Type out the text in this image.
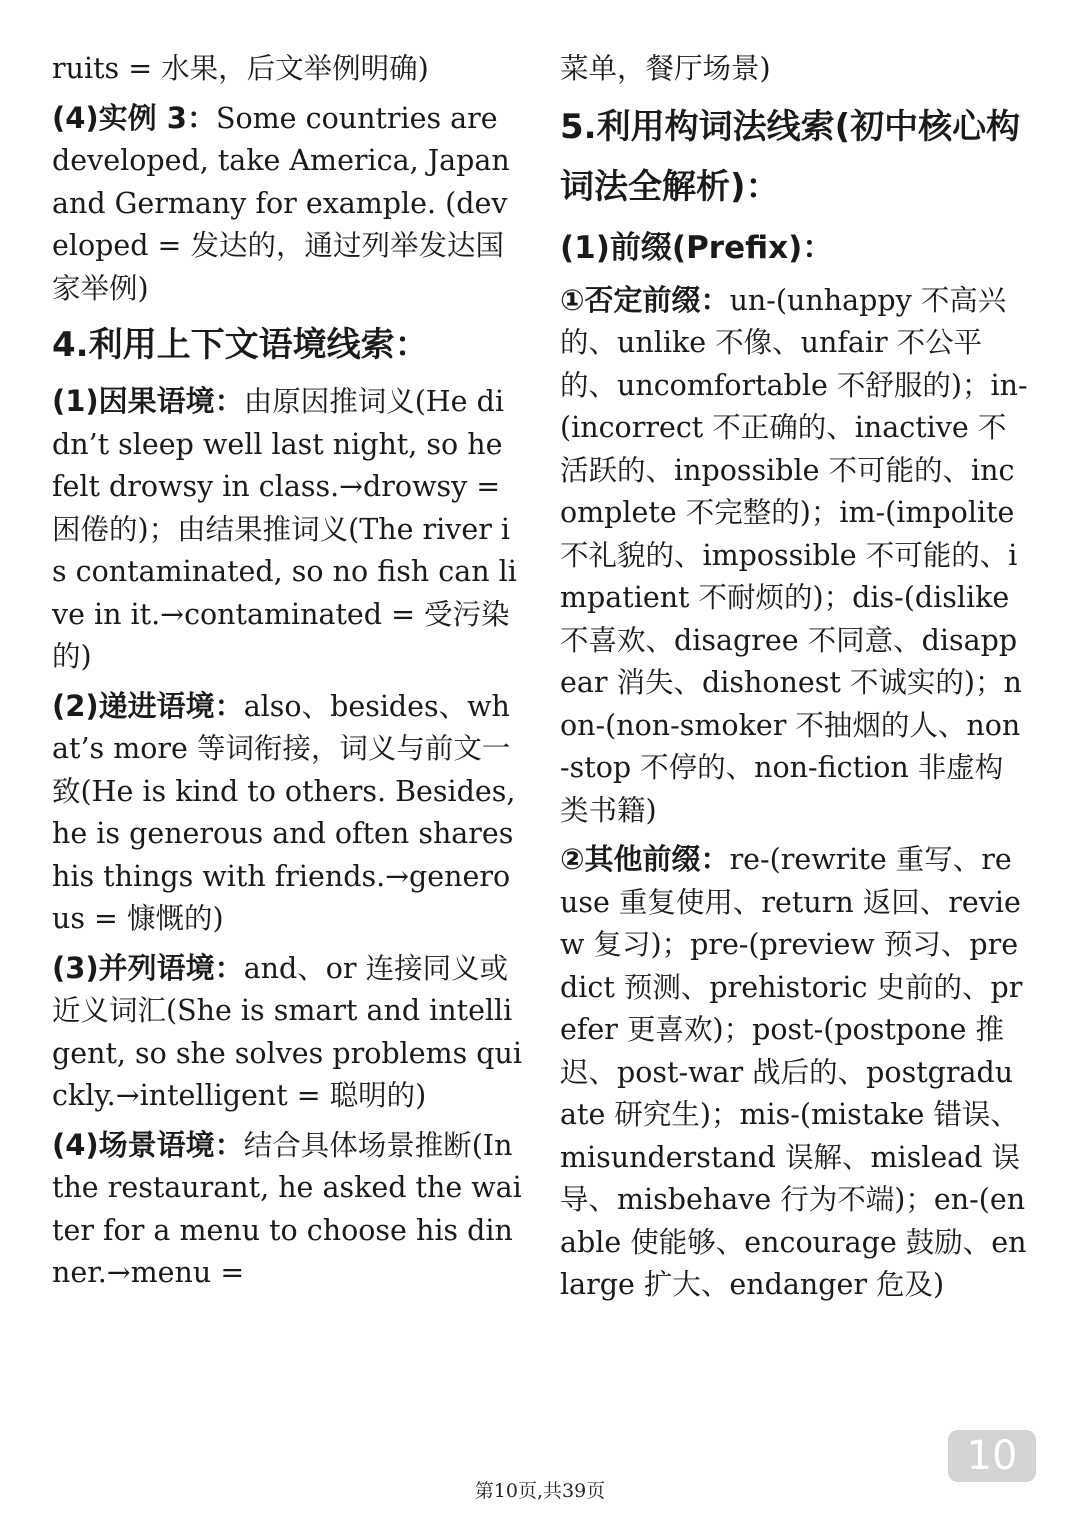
ruits = 水果，后文举例明确)

(4)实例 3：Some countries are developed, take America, Japan and Germany for example. (developed = 发达的，通过列举发达国家举例)

4.利用上下文语境线索：

(1)因果语境：由原因推词义(He didn’t sleep well last night, so he felt drowsy in class.→drowsy = 困倦的)；由结果推词义(The river is contaminated, so no fish can live in it.→contaminated = 受污染的)

(2)递进语境：also、besides、what’s more 等词衔接，词义与前文一致(He is kind to others. Besides, he is generous and often shares his things with friends.→generous = 慷慨的)

(3)并列语境：and、or 连接同义或近义词汇(She is smart and intelligent, so she solves problems quickly.→intelligent = 聪明的)

(4)场景语境：结合具体场景推断(In the restaurant, he asked the waiter for a menu to choose his dinner.→menu =

菜单，餐厅场景)

5.利用构词法线索(初中核心构词法全解析)：
(1)前缀(Prefix)：

①否定前缀：un-(unhappy 不高兴的、unlike 不像、unfair 不公平的、uncomfortable 不舒服的)；in-(incorrect 不正确的、inactive 不活跃的、inpossible 不可能的、incomplete 不完整的)；im-(impolite 不礼貌的、impossible 不可能的、impatient 不耐烦的)；dis-(dislike 不喜欢、disagree 不同意、disappear 消失、dishonest 不诚实的)；non-(non-smoker 不抽烟的人、non-stop 不停的、non-fiction 非虚构类书籍)

②其他前缀：re-(rewrite 重写、reuse 重复使用、return 返回、review 复习)；pre-(preview 预习、predict 预测、prehistoric 史前的、prefer 更喜欢)；post-(postpone 推迟、post-war 战后的、postgraduate 研究生)；mis-(mistake 错误、misunderstand 误解、mislead 误导、misbehave 行为不端)；en-(enable 使能够、encourage 鼓励、enlarge 扩大、endanger 危及)

10
第10页,共39页
